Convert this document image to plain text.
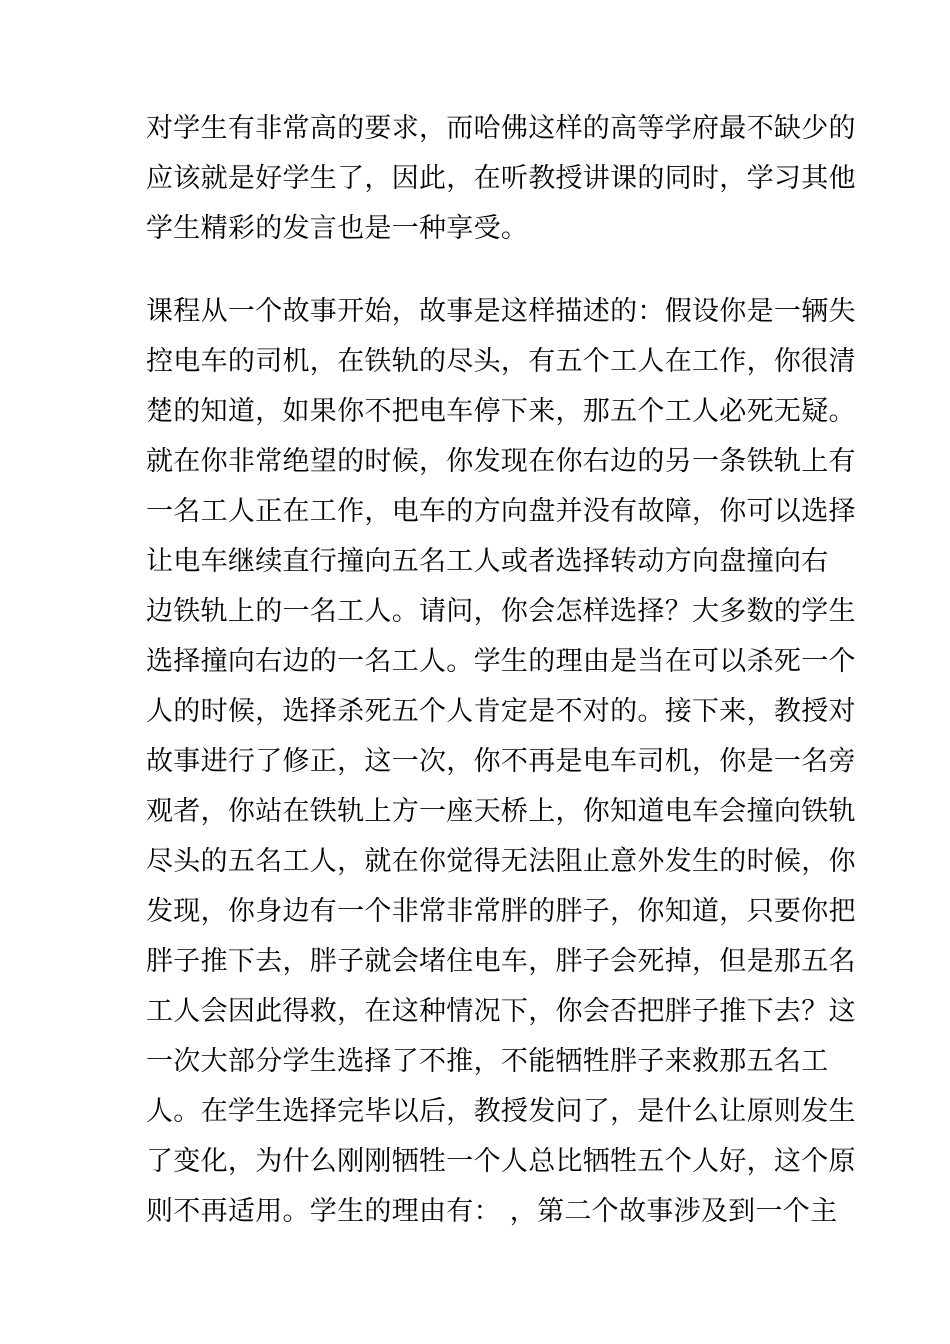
对学生有非常高的要求，而哈佛这样的高等学府最不缺少的
应该就是好学生了，因此，在听教授讲课的同时，学习其他
学生精彩的发言也是一种享受。
课程从一个故事开始，故事是这样描述的：假设你是一辆失
控电车的司机，在铁轨的尽头，有五个工人在工作，你很清
楚的知道，如果你不把电车停下来，那五个工人必死无疑。
就在你非常绝望的时候，你发现在你右边的另一条铁轨上有
一名工人正在工作，电车的方向盘并没有故障，你可以选择
让电车继续直行撞向五名工人或者选择转动方向盘撞向右
边铁轨上的一名工人。请问，你会怎样选择？大多数的学生
选择撞向右边的一名工人。学生的理由是当在可以杀死一个
人的时候，选择杀死五个人肯定是不对的。接下来，教授对
故事进行了修正，这一次，你不再是电车司机，你是一名旁
观者，你站在铁轨上方一座天桥上，你知道电车会撞向铁轨
尽头的五名工人，就在你觉得无法阻止意外发生的时候，你
发现，你身边有一个非常非常胖的胖子，你知道，只要你把
胖子推下去，胖子就会堵住电车，胖子会死掉，但是那五名
工人会因此得救，在这种情况下，你会否把胖子推下去？这
一次大部分学生选择了不推，不能牺牲胖子来救那五名工
人。在学生选择完毕以后，教授发问了，是什么让原则发生
了变化，为什么刚刚牺牲一个人总比牺牲五个人好，这个原
则不再适用。学生的理由有： ，第二个故事涉及到一个主
